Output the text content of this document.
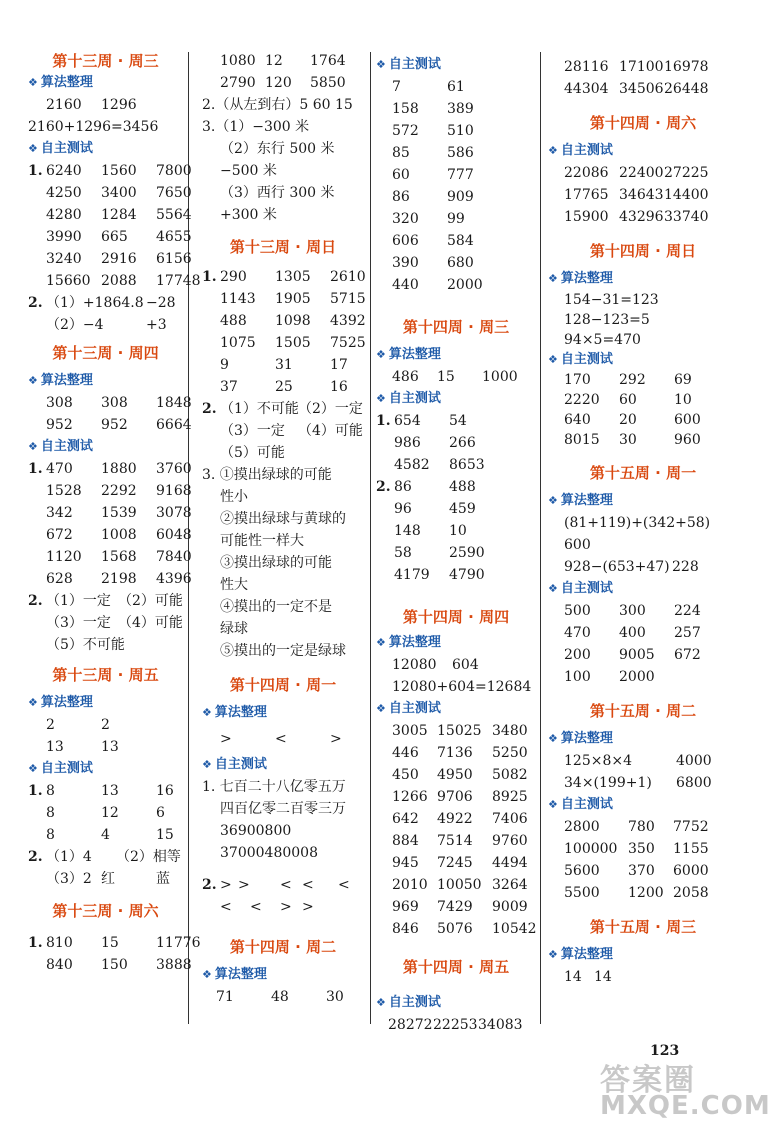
第十三周 · 周三
❖ 算法整理
2160	1296
2160+1296=3456
❖ 自主测试
1. 6240	1560	7800
4250	3400	7650
4280	1284	5564
3990	665	4655
3240	2916	6156
15660 2088	17748
2. （1）+1864.8 −28
（2）−4	+3
第十三周 · 周四
❖ 算法整理
308	308	1848
952	952	6664
❖ 自主测试
1. 470	1880	3760
1528	2292	9168
342	1539	3078
672	1008	6048
1120	1568	7840
628	2198	4396
2. （1）一定 （2）可能
（3）一定 （4）可能
（5）不可能
第十三周 · 周五
❖ 算法整理
2	2
13	13
❖ 自主测试
1. 8	13	16
8	12	6
8	4	15
2. （1）4	（2）相等
（3）2 红	蓝
第十三周 · 周六
1. 810	15	11776
840	150	3888
1080 12	1764
2790 120	5850
2.（从左到右）5 60 15
3.（1）−300 米
（2）东行 500 米
−500 米
（3）西行 300 米
+300 米
第十三周 · 周日
1. 290	1305	2610
1143	1905	5715
488	1098	4392
1075	1505	7525
9	31	17
37	25	16
2. （1）不可能 （2）一定
（3）一定 （4）可能
（5）可能
3. ①摸出绿球的可能
性小
②摸出绿球与黄球的
可能性一样大
③摸出绿球的可能
性大
④摸出的一定不是
绿球
⑤摸出的一定是绿球
第十四周 · 周一
❖ 算法整理
>	<	>
❖ 自主测试
1. 七百二十八亿零五万
四百亿零二百零三万
36900800
37000480008
2. > >	< <	<
<	<	> >
第十四周 · 周二
❖ 算法整理
71	48	30
❖ 自主测试
7	61
158	389
572	510
85	586
60	777
86	909
320	99
606	584
390	680
440	2000
第十四周 · 周三
❖ 算法整理
486	15	1000
❖ 自主测试
1. 654	54
986	266
4582	8653
2. 86	488
96	459
148	10
58	2590
4179	4790
第十四周 · 周四
❖ 算法整理
12080	604
12080+604=12684
❖ 自主测试
3005 15025 3480
446	7136	5250
450	4950	5082
1266 9706	8925
642	4922	7406
884	7514	9760
945	7245	4494
2010 10050 3264
969	7429	9009
846	5076	10542
第十四周 · 周五
❖ 自主测试
28272 22253 34083
28116 17100 16978
44304 34506 26448
第十四周 · 周六
❖ 自主测试
22086 22400 27225
17765 34643 14400
15900 43296 33740
第十四周 · 周日
❖ 算法整理
154−31=123
128−123=5
94×5=470
❖ 自主测试
170	292	69
2220	60	10
640	20	600
8015	30	960
第十五周 · 周一
❖ 算法整理
(81+119)+(342+58)
600
928−(653+47) 228
❖ 自主测试
500	300	224
470	400	257
200	9005	672
100	2000
第十五周 · 周二
❖ 算法整理
125×8×4	4000
34×(199+1)	6800
❖ 自主测试
2800	780	7752
100000 350	1155
5600	370	6000
5500	1200 2058
第十五周 · 周三
❖ 算法整理
14 14
123
答案圈
MXQE.COM
